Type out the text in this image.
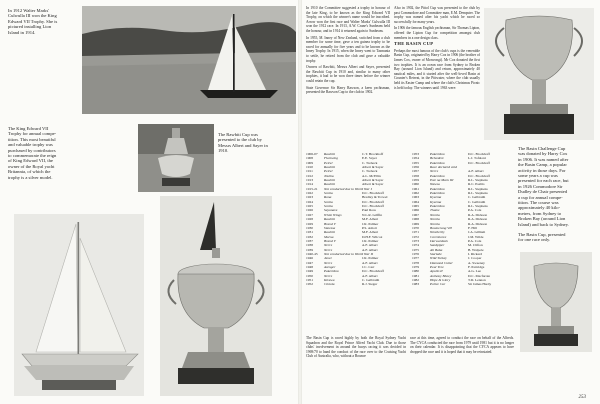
In 1912 Walter Marks'

Culwulla III won the King

Edward VII Trophy. She is

pictured installing Lion

Island in 1914.

The King Edward VII

Trophy for annual compe-

tition. This most beautiful

and valuable trophy was

purchased by contributors

to commemorate the reign

of King Edward VII, the

owner of the Royal yacht

Britannia, of which the

trophy is a silver model.

The Rawbiti Cup was

presented to the club by

Messrs Albert and Sayer in

1910.

In 1910 the Committee suggested a trophy in honour of the late King, to be known as the King Edward VII Trophy, on which the winner's name would be inscribed. Arrow won the first race and Walter Marks' Culwulla III won the 1912 race. In 1913, A.W. Crane's Sunbeam held the honour, and in 1914 it returned again to Sunbeam.

In 1955, M. Inney of New Zealand, switched from a club member for some time, gave a ten guinea trophy to be raced for annually for five years and to be known as the Inney Trophy. In 1915, when the Inney went to Tasmania to settle, he retired from the club and gave a valuable trophy.

Owners of Rawbiti, Messrs Albert and Sayer, presented the Rawbiti Cup in 1910 and, similar to many other trophies, it had to be won three times before the winner could retain the cup.

State Governor Sir Harry Rawson, a keen yachtsman, presented the Rawson Cup to the club in 1902.

Also in 1902, the Pittol Cup was presented to the club by past Commodore and Committee man, E.M. Dempster. The trophy was named after his yacht which he raced so successfully for many years.

In 1906 the famous English yachtsman, Sir Thomas Lipton, offered the Lipton Cup for competition amongst club members in a one design class.

THE BASIN CUP

Perhaps the most famous of the club's cups is the venerable Basin Cup, originated by Harry Cox in 1906 (the brother of James Cox, owner of Morwongi). Mr Cox donated the first two trophies. It is an ocean race from Sydney to Broken Bay (around Lion Island) and return, approximately 40 nautical miles, and it started after the well-loved Basin at Counter's Retreat, in the Pittwater, where the club usually held its Easter Camp and where the club's Christmas Picnic is held today. The winners until 1963 were:

The Basin Challenge Cup

was donated by Harry Cox

in 1906. It was named after

the Basin Camp, a popular

activity in those days. For

some years a cup was

presented for each race, but

in 1926 Commodore Sir

Dudley de Chair presented

a cup for annual compe-

tition. The course was

approximately 40 kilo-

metres, from Sydney to

Broken Bay (around Lion

Island) and back to Sydney.

The Basin Cup, presented

for one race only.

1906-07	Rawbiti	C.T. Brockhoff
1908	Fleetwing	E.E. Sayer
1909	Petrel	C. Trebeck
1910	Rawbiti	Albert & Sayer
1911	Petrel	C. Trebeck
1912	Toulba	A.L. McEllin
1913	Rawbiti	Albert & Sayer
1914	Rawbiti	Albert & Sayer
1915-21	Not conducted due to World War I
1922	Scotia	D.C. Brockhoff
1923	Rona	Bradley & Trowel
1924	Scotia	D.C. Brockhoff
1925	Scotia	D.C. Brockhoff
1926	Sayonara	Paul Ross
1927	White Wings	N.L.R. Griffin
1928	Rawbiti	M.F. Albert
1929	Brand V	J.R. Palmer
1930	Vanessa	P.S. Amott
1931	Rawbiti	M.F. Albert
1932	Morna	D.H.F. Wilcox
1937	Brand V	J.R. Palmer
1938	Nerrx	A.F. Albert
1939	Nerrx	A.F. Albert
1940-45	Not conducted due to World War II
1946	Janet	J.R. Palmer
1947	Nerrx	A.F. Albert
1948	Avenger	J.C. Carr
1949	Pakeridoo	D.C. Brockhoff
1950	Nerrx	A.F. Albert
1951	Kirawa	C. Galbraith
1952	Cintola	R.J. Steger
1953	Pakeridoo	D.C. Brockhoff
1954	Belvedere	L.J. Tofaloni
1955	Pakeridoo	D.C. Brockhoff
1956	Race declared void
1957	Nerrx	A.F. Albert
1958	Pakeridoo	D.C. Brockhoff
1959	Este na Maru III	R.L. Stephens
1960	Wawsa	R.C. Psaltis
1961	Pakeridoo	R.L. Stephens
1962	Pakeridoo	R.L. Stephens
1963	Kyeema	C. Galbraith
1964	Kyeema	C. Galbraith
1965	Pakeridoo	R.L. Stephens
1966	Thame	P.A. Cole
1967	Norola	R.A. Dickson
1968	Norola	R.A. Dickson
1969	Norola	R.A. Dickson
1970	Boomerang VII	F. Hill
1971	Westhertly	J.A. Gilliam
1972	Corroboree	J.M. Wilde
1973	Darwardeah	P.A. Cole
1974	Sandpiper	M. Clifton
1975	Ali Baba	B. Walpole
1976	Starlahe	I. Rickard
1977	Wild Turkey	J. Cooper
1978	Diamond Cutter	A. Sweeney
1979	Pear Tree	F. Partridge
1980	Apollo II	A.G. Lee
1981	Anthony Bhoey	D.C. Macfarran
1982	Hope & Glory	T.D. Lennon
1983	Police Car	Sir James Hardy

The Basin Cup is raced highly by both the Royal Sydney Yacht Squadron and the Royal Prince Alfred Yacht Club. Due to those clubs' involvement in around the buoys racing it was decided in 1969/70 to hand the conduct of the race over to the Cruising Yacht Club of Australia, who, without a Bounce

race at this time, agreed to conduct the race on behalf of the Alfreds. The CYCA conducted the race from 1979 until 1981 but it is no longer on their calendar. It is disappointing that the CYCA appears to have dropped the race and it is hoped that it may be reinstated.

253
